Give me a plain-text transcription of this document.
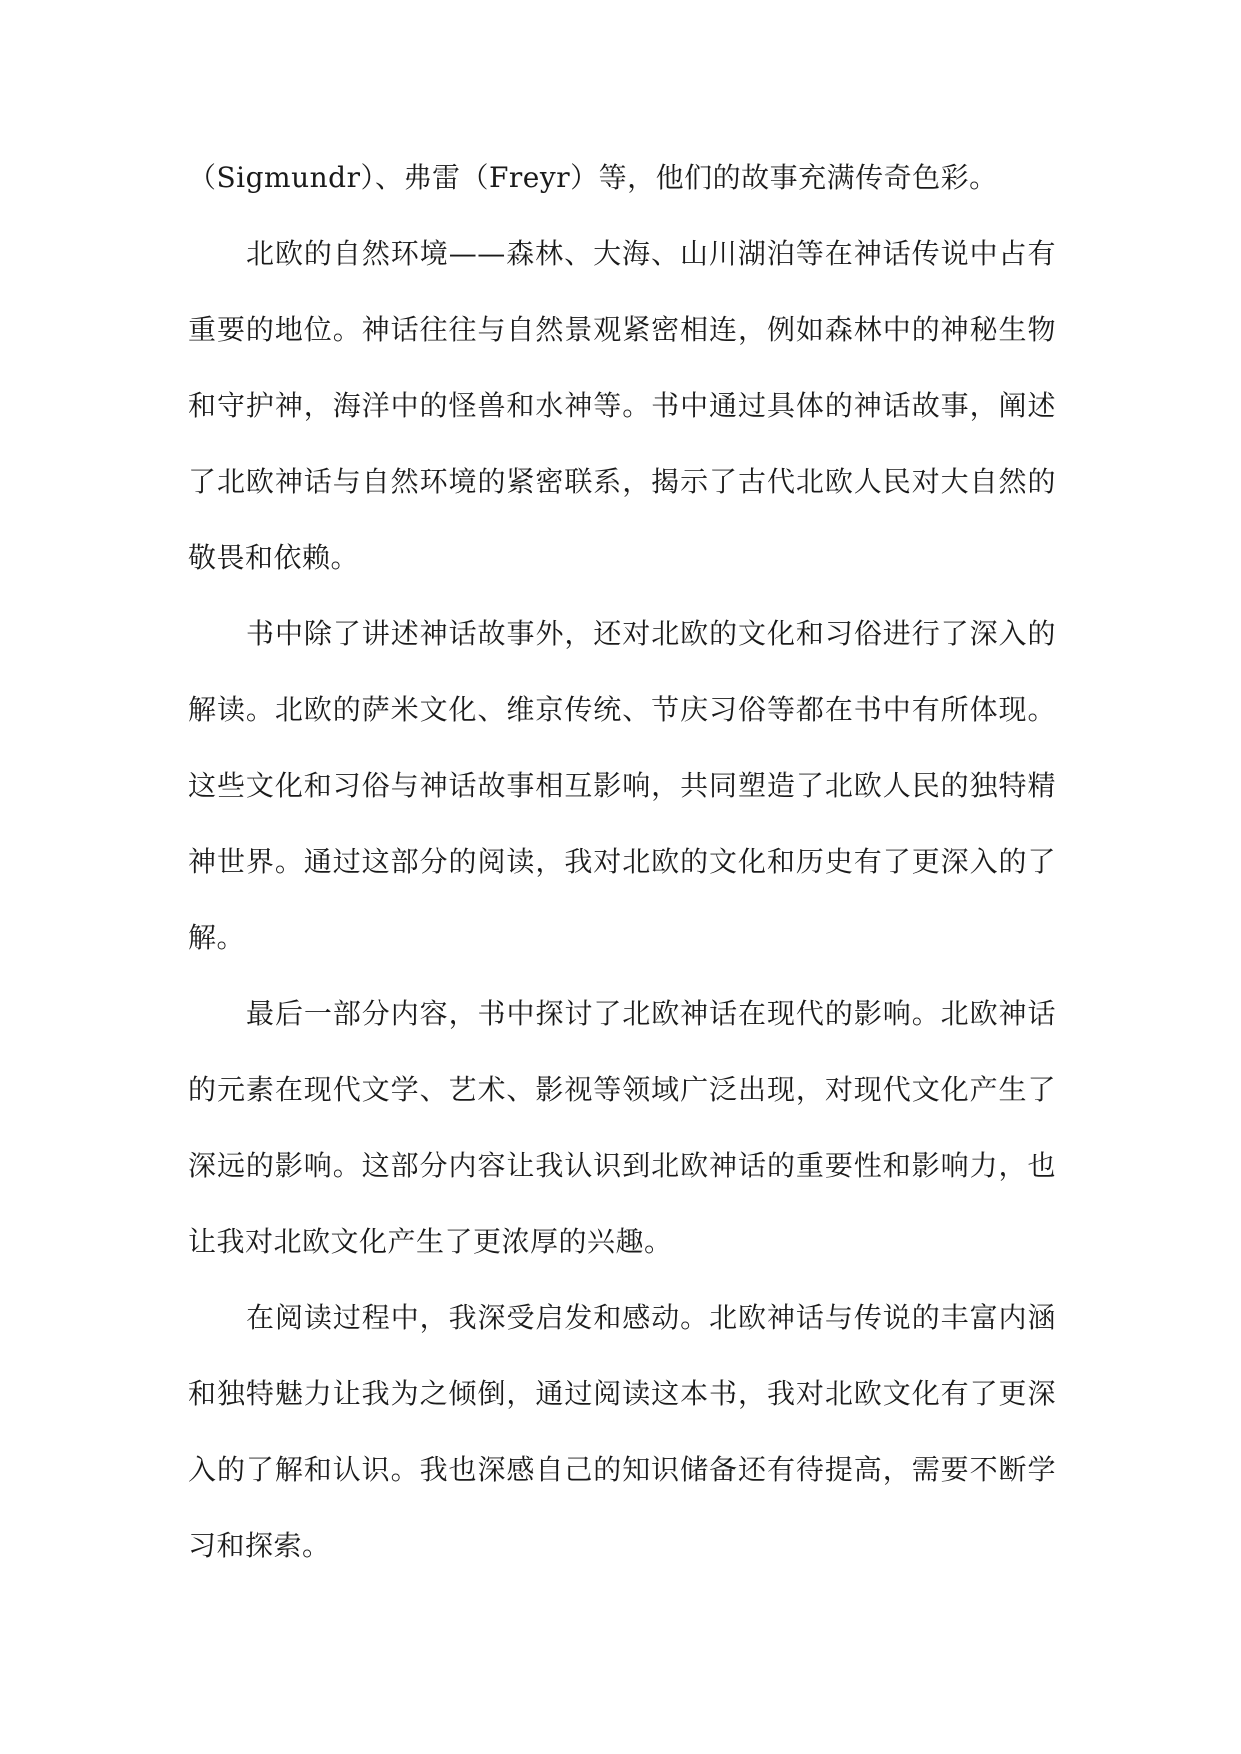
（Sigmundr）、弗雷（Freyr）等，他们的故事充满传奇色彩。

北欧的自然环境——森林、大海、山川湖泊等在神话传说中占有重要的地位。神话往往与自然景观紧密相连，例如森林中的神秘生物和守护神，海洋中的怪兽和水神等。书中通过具体的神话故事，阐述了北欧神话与自然环境的紧密联系，揭示了古代北欧人民对大自然的敬畏和依赖。

书中除了讲述神话故事外，还对北欧的文化和习俗进行了深入的解读。北欧的萨米文化、维京传统、节庆习俗等都在书中有所体现。这些文化和习俗与神话故事相互影响，共同塑造了北欧人民的独特精神世界。通过这部分的阅读，我对北欧的文化和历史有了更深入的了解。

最后一部分内容，书中探讨了北欧神话在现代的影响。北欧神话的元素在现代文学、艺术、影视等领域广泛出现，对现代文化产生了深远的影响。这部分内容让我认识到北欧神话的重要性和影响力，也让我对北欧文化产生了更浓厚的兴趣。

在阅读过程中，我深受启发和感动。北欧神话与传说的丰富内涵和独特魅力让我为之倾倒，通过阅读这本书，我对北欧文化有了更深入的了解和认识。我也深感自己的知识储备还有待提高，需要不断学习和探索。
